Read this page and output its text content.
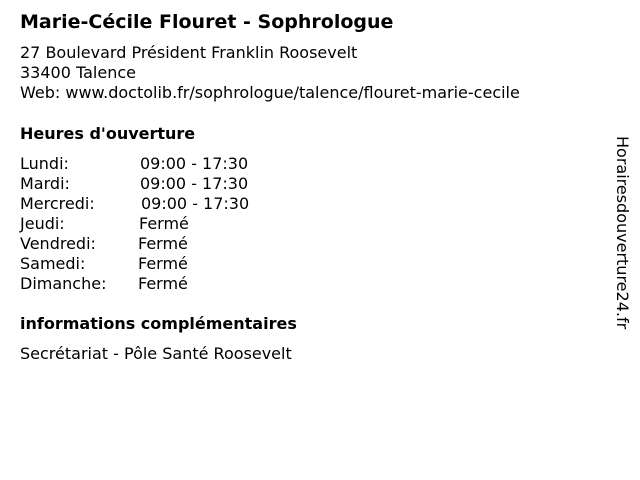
Marie-Cécile Flouret - Sophrologue
27 Boulevard Président Franklin Roosevelt
33400 Talence
Web: www.doctolib.fr/sophrologue/talence/flouret-marie-cecile
Heures d'ouverture
Lundi:	09:00 - 17:30
Mardi:	09:00 - 17:30
Mercredi:	09:00 - 17:30
Jeudi:	Fermé
Vendredi:	Fermé
Samedi:	Fermé
Dimanche: Fermé
informations complémentaires
Secrétariat - Pôle Santé Roosevelt
Horairesdouverture24.fr
